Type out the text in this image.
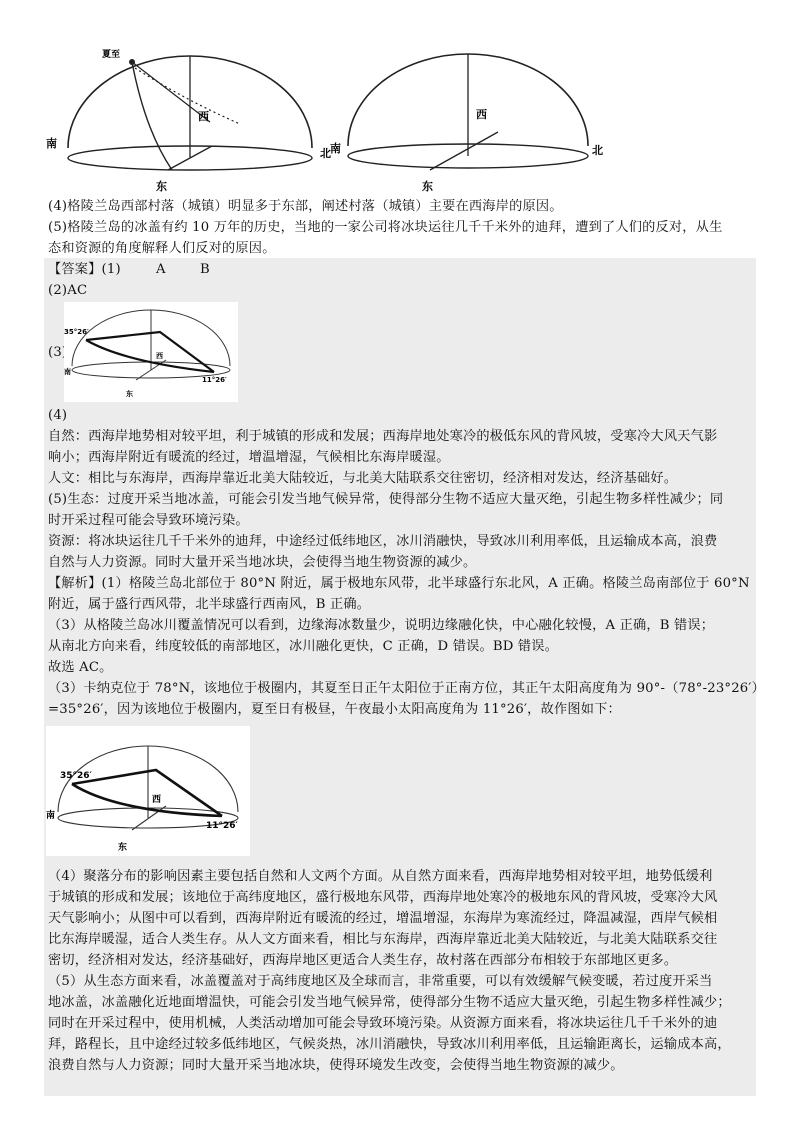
夏至
西
南
北
东
西
南	北
东
(4)格陵兰岛西部村落（城镇）明显多于东部，阐述村落（城镇）主要在西海岸的原因。
(5)格陵兰岛的冰盖有约 10 万年的历史，当地的一家公司将冰块运往几千千米外的迪拜，遭到了人们的反对，从生
态和资源的角度解释人们反对的原因。
【答案】(1)	A	B
(2)AC
(3)
35°26′
11°26′
西
南
东
(4)
自然：西海岸地势相对较平坦，利于城镇的形成和发展；西海岸地处寒冷的极低东风的背风坡，受寒冷大风天气影
响小；西海岸附近有暖流的经过，增温增湿，气候相比东海岸暖湿。
人文：相比与东海岸，西海岸靠近北美大陆较近，与北美大陆联系交往密切，经济相对发达，经济基础好。
(5)生态：过度开采当地冰盖，可能会引发当地气候异常，使得部分生物不适应大量灭绝，引起生物多样性减少；同
时开采过程可能会导致环境污染。
资源：将冰块运往几千千米外的迪拜，中途经过低纬地区，冰川消融快，导致冰川利用率低，且运输成本高，浪费
自然与人力资源。同时大量开采当地冰块，会使得当地生物资源的减少。
【解析】(1）格陵兰岛北部位于 80°N 附近，属于极地东风带，北半球盛行东北风，A 正确。格陵兰岛南部位于 60°N
附近，属于盛行西风带，北半球盛行西南风，B 正确。
（3）从格陵兰岛冰川覆盖情况可以看到，边缘海冰数量少，说明边缘融化快，中心融化较慢，A 正确，B 错误；
从南北方向来看，纬度较低的南部地区，冰川融化更快，C 正确，D 错误。BD 错误。
故选 AC。
（3）卡纳克位于 78°N，该地位于极圈内，其夏至日正午太阳位于正南方位，其正午太阳高度角为 90°-（78°-23°26′）
=35°26′，因为该地位于极圈内，夏至日有极昼，午夜最小太阳高度角为 11°26′，故作图如下：
35°26′
11°26′
西
南
东
（4）聚落分布的影响因素主要包括自然和人文两个方面。从自然方面来看，西海岸地势相对较平坦，地势低缓利
于城镇的形成和发展；该地位于高纬度地区，盛行极地东风带，西海岸地处寒冷的极地东风的背风坡，受寒冷大风
天气影响小；从图中可以看到，西海岸附近有暖流的经过，增温增湿，东海岸为寒流经过，降温减湿，西岸气候相
比东海岸暖湿，适合人类生存。从人文方面来看，相比与东海岸，西海岸靠近北美大陆较近，与北美大陆联系交往
密切，经济相对发达，经济基础好，西海岸地区更适合人类生存，故村落在西部分布相较于东部地区更多。
（5）从生态方面来看，冰盖覆盖对于高纬度地区及全球而言，非常重要，可以有效缓解气候变暖，若过度开采当
地冰盖，冰盖融化近地面增温快，可能会引发当地气候异常，使得部分生物不适应大量灭绝，引起生物多样性减少；
同时在开采过程中，使用机械，人类活动增加可能会导致环境污染。从资源方面来看，将冰块运往几千千米外的迪
拜，路程长，且中途经过较多低纬地区，气候炎热，冰川消融快，导致冰川利用率低，且运输距离长，运输成本高，
浪费自然与人力资源；同时大量开采当地冰块，使得环境发生改变，会使得当地生物资源的减少。
